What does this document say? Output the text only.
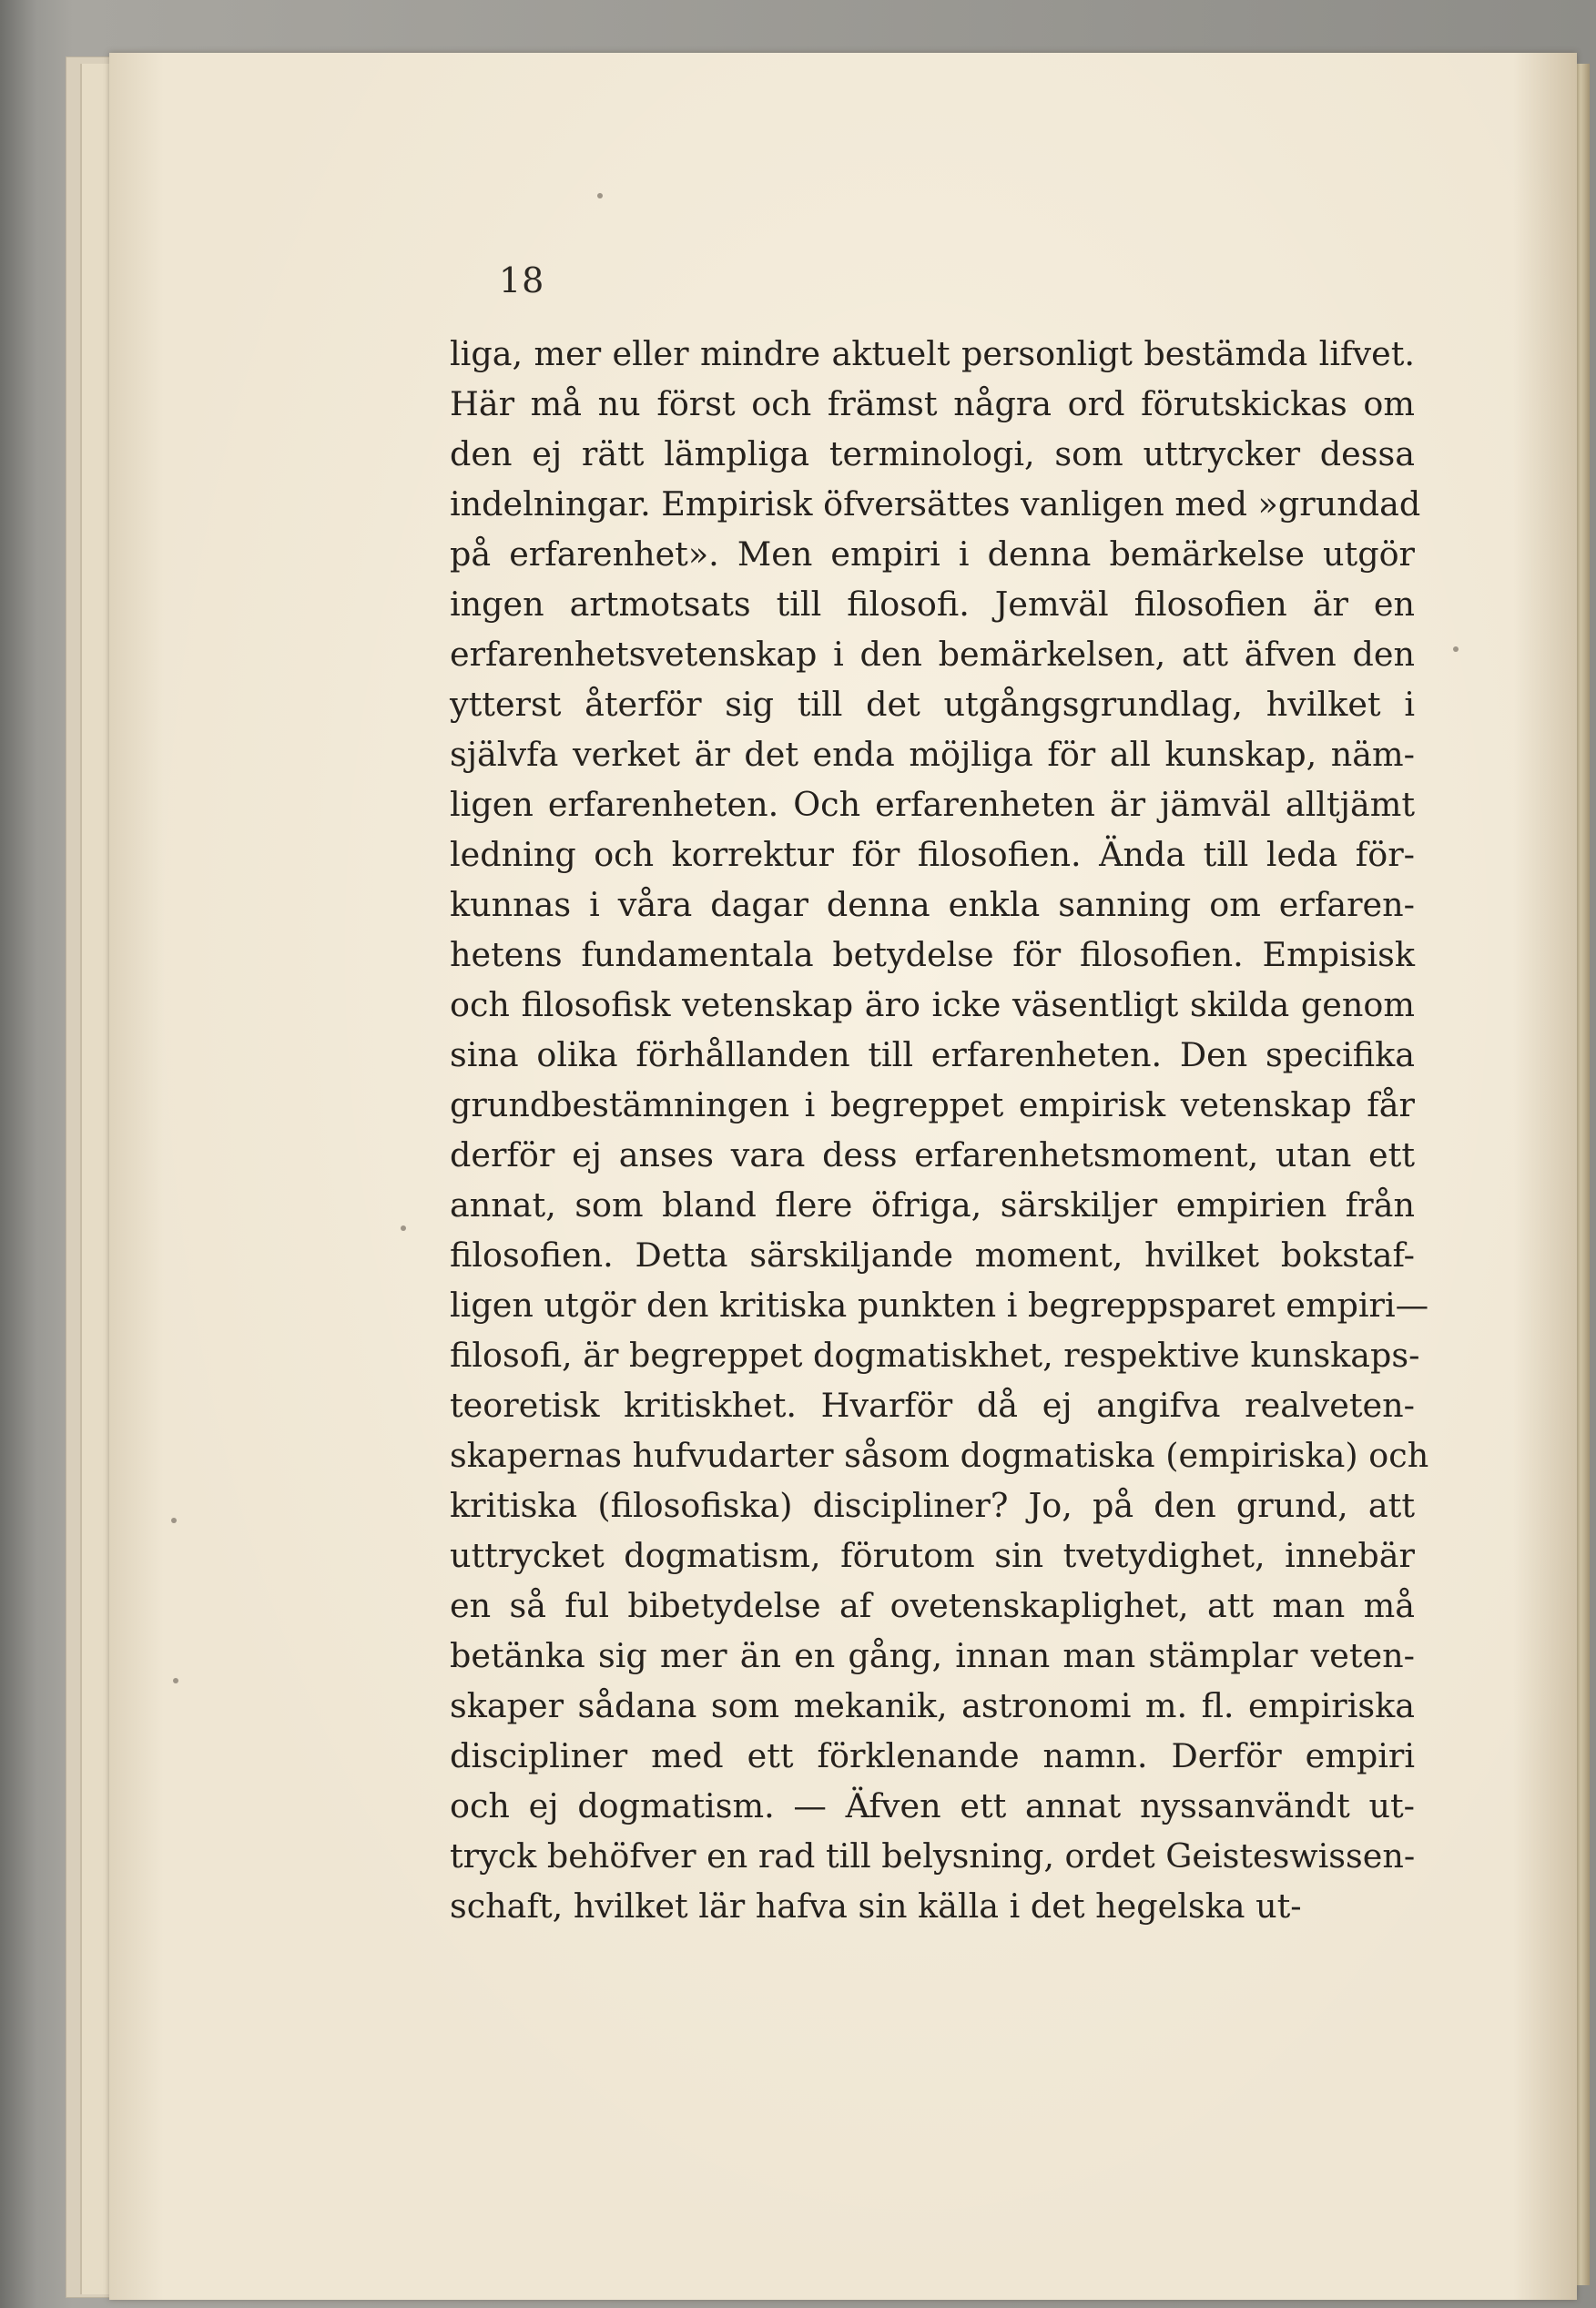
18
liga, mer eller mindre aktuelt personligt bestämda lifvet.
Här må nu först och främst några ord förutskickas om
den ej rätt lämpliga terminologi, som uttrycker dessa
indelningar. Empirisk öfversättes vanligen med »grundad
på erfarenhet». Men empiri i denna bemärkelse utgör
ingen artmotsats till filosofi. Jemväl filosofien är en
erfarenhetsvetenskap i den bemärkelsen, att äfven den
ytterst återför sig till det utgångsgrundlag, hvilket i
självfa verket är det enda möjliga för all kunskap, näm-
ligen erfarenheten. Och erfarenheten är jämväl alltjämt
ledning och korrektur för filosofien. Ända till leda för-
kunnas i våra dagar denna enkla sanning om erfaren-
hetens fundamentala betydelse för filosofien. Empisisk
och filosofisk vetenskap äro icke väsentligt skilda genom
sina olika förhållanden till erfarenheten. Den specifika
grundbestämningen i begreppet empirisk vetenskap får
derför ej anses vara dess erfarenhetsmoment, utan ett
annat, som bland flere öfriga, särskiljer empirien från
filosofien. Detta särskiljande moment, hvilket bokstaf-
ligen utgör den kritiska punkten i begreppsparet empiri—
filosofi, är begreppet dogmatiskhet, respektive kunskaps-
teoretisk kritiskhet. Hvarför då ej angifva realveten-
skapernas hufvudarter såsom dogmatiska (empiriska) och
kritiska (filosofiska) discipliner? Jo, på den grund, att
uttrycket dogmatism, förutom sin tvetydighet, innebär
en så ful bibetydelse af ovetenskaplighet, att man må
betänka sig mer än en gång, innan man stämplar veten-
skaper sådana som mekanik, astronomi m. fl. empiriska
discipliner med ett förklenande namn. Derför empiri
och ej dogmatism. — Äfven ett annat nyssanvändt ut-
tryck behöfver en rad till belysning, ordet Geisteswissen-
schaft, hvilket lär hafva sin källa i det hegelska ut-
